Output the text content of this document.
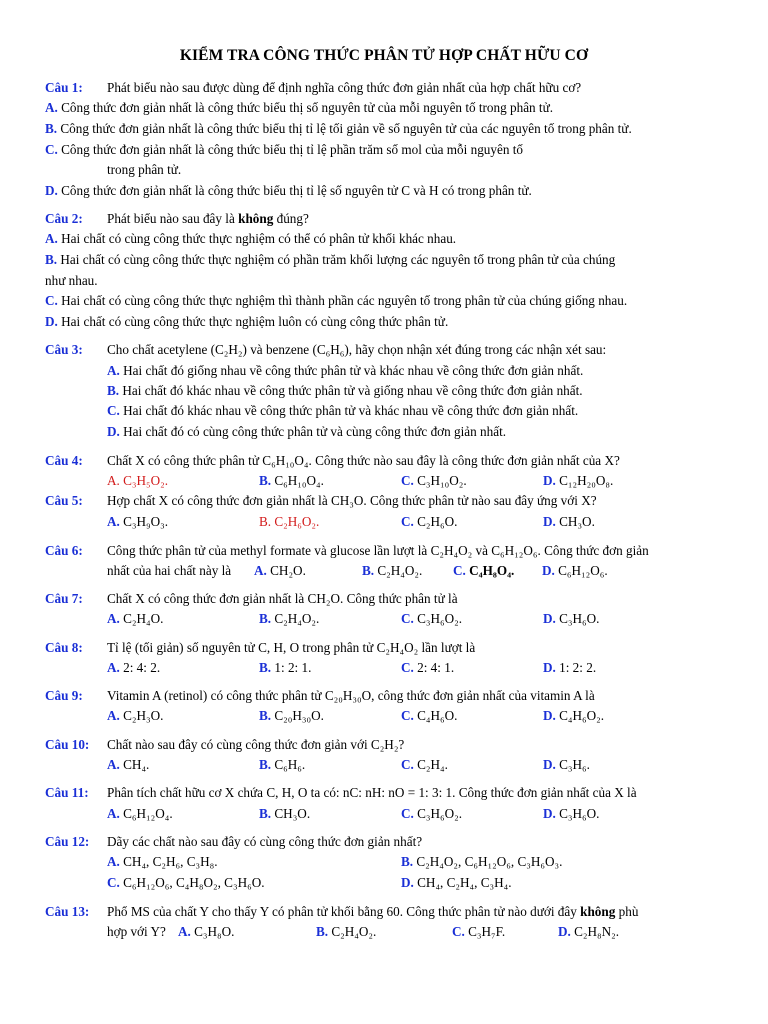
KIỂM TRA CÔNG THỨC PHÂN TỬ HỢP CHẤT HỮU CƠ
Câu 1: Phát biểu nào sau được dùng để định nghĩa công thức đơn giản nhất của hợp chất hữu cơ?
A. Công thức đơn giản nhất là công thức biểu thị số nguyên tử của mỗi nguyên tố trong phân tử.
B. Công thức đơn giản nhất là công thức biểu thị tỉ lệ tối giản về số nguyên tử của các nguyên tố trong phân tử.
C. Công thức đơn giản nhất là công thức biểu thị tỉ lệ phần trăm số mol của mỗi nguyên tố
trong phân tử.
D. Công thức đơn giản nhất là công thức biểu thị tỉ lệ số nguyên tử C và H có trong phân tử.
Câu 2: Phát biểu nào sau đây là không đúng?
A. Hai chất có cùng công thức thực nghiệm có thể có phân tử khối khác nhau.
B. Hai chất có cùng công thức thực nghiệm có phần trăm khối lượng các nguyên tố trong phân tử của chúng
như nhau.
C. Hai chất có cùng công thức thực nghiệm thì thành phần các nguyên tố trong phân tử của chúng giống nhau.
D. Hai chất có cùng công thức thực nghiệm luôn có cùng công thức phân tử.
Câu 3: Cho chất acetylene (C₂H₂) và benzene (C₆H₆), hãy chọn nhận xét đúng trong các nhận xét sau:
A. Hai chất đó giống nhau về công thức phân tử và khác nhau về công thức đơn giản nhất.
B. Hai chất đó khác nhau về công thức phân tử và giống nhau về công thức đơn giản nhất.
C. Hai chất đó khác nhau về công thức phân tử và khác nhau về công thức đơn giản nhất.
D. Hai chất đó có cùng công thức phân tử và cùng công thức đơn giản nhất.
Câu 4: Chất X có công thức phân tử C₆H₁₀O₄. Công thức nào sau đây là công thức đơn giản nhất của X?
A. C₃H₅O₂.	B. C₆H₁₀O₄.	C. C₃H₁₀O₂.	D. C₁₂H₂₀O₈.
Câu 5: Hợp chất X có công thức đơn giản nhất là CH₃O. Công thức phân tử nào sau đây ứng với X?
A. C₃H₉O₃.	B. C₂H₆O₂.	C. C₂H₆O.	D. CH₃O.
Câu 6: Công thức phân tử của methyl formate và glucose lần lượt là C₂H₄O₂ và C₆H₁₂O₆. Công thức đơn giản
nhất của hai chất này là A. CH₂O.	B. C₂H₄O₂. C. C₄H₈O₄. D. C₆H₁₂O₆.
Câu 7: Chất X có công thức đơn giản nhất là CH₂O. Công thức phân tử là
A. C₂H₄O.	B. C₂H₄O₂.	C. C₃H₆O₂.	D. C₃H₆O.
Câu 8: Tỉ lệ (tối giản) số nguyên tử C, H, O trong phân tử C₂H₄O₂ lần lượt là
A. 2: 4: 2.	B. 1: 2: 1.	C. 2: 4: 1.	D. 1: 2: 2.
Câu 9: Vitamin A (retinol) có công thức phân tử C₂₀H₃₀O, công thức đơn giản nhất của vitamin A là
A. C₂H₃O.	B. C₂₀H₃₀O.	C. C₄H₆O.	D. C₄H₆O₂.
Câu 10: Chất nào sau đây có cùng công thức đơn giản với C₂H₂?
A. CH₄.	B. C₆H₆.	C. C₂H₄.	D. C₃H₆.
Câu 11: Phân tích chất hữu cơ X chứa C, H, O ta có: nC: nH: nO = 1: 3: 1. Công thức đơn giản nhất của X là
A. C₆H₁₂O₄.	B. CH₃O.	C. C₃H₆O₂.	D. C₃H₆O.
Câu 12: Dãy các chất nào sau đây có cùng công thức đơn giản nhất?
A. CH₄, C₂H₆, C₃H₈.	B. C₂H₄O₂, C₆H₁₂O₆, C₃H₆O₃.
C. C₆H₁₂O₆, C₄H₈O₂, C₃H₆O.	D. CH₄, C₂H₄, C₃H₄.
Câu 13: Phổ MS của chất Y cho thấy Y có phân tử khối bằng 60. Công thức phân tử nào dưới đây không phù
hợp với Y? A. C₃H₈O.	B. C₂H₄O₂.	C. C₃H₇F.	D. C₂H₈N₂.
